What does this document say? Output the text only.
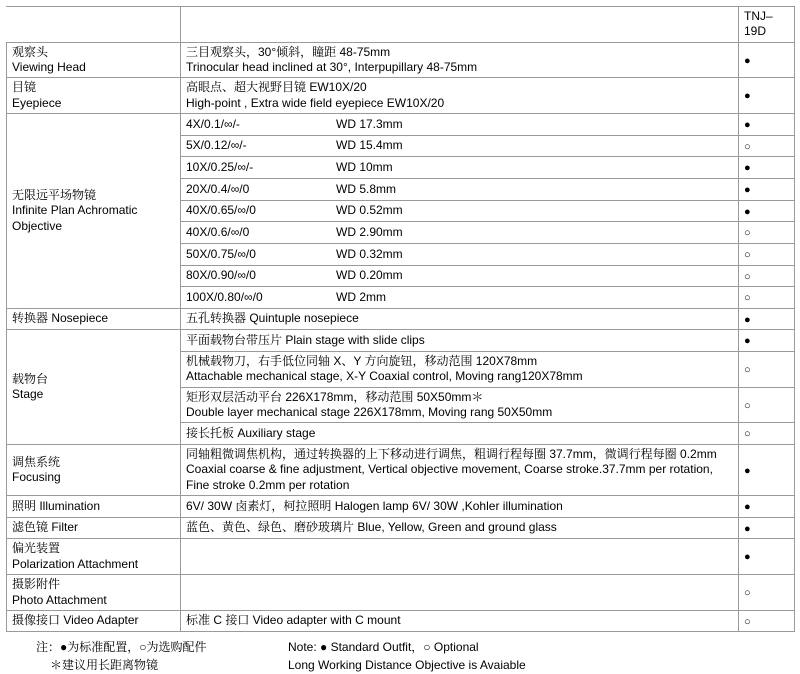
		TNJ–19D

观察头
Viewing Head	三目观察头，30°倾斜，瞳距 48-75mm
Trinocular head inclined at 30°, Interpupillary 48-75mm
	●

目镜
Eyepiece	高眼点、超大视野目镜 EW10X/20
High-point , Extra wide field eyepiece EW10X/20
	●

无限远平场物镜
Infinite Plan Achromatic Objective	4X/0.1/∞/- WD 17.3mm	●
	5X/0.12/∞/- WD 15.4mm	○
	10X/0.25/∞/- WD 10mm	●
	20X/0.4/∞/0 WD 5.8mm	●
	40X/0.65/∞/0 WD 0.52mm	●
	40X/0.6/∞/0 WD 2.90mm	○
	50X/0.75/∞/0 WD 0.32mm	○
	80X/0.90/∞/0 WD 0.20mm	○
	100X/0.80/∞/0 WD 2mm	○
转换器 Nosepiece	五孔转换器 Quintuple nosepiece	●

载物台
Stage	平面载物台带压片 Plain stage with slide clips
	●

	机械载物刀，右手低位同轴 X、Y 方向旋钮，移动范围 120X78mm
Attachable mechanical stage, X-Y Coaxial control, Moving rang120X78mm
	○

	矩形双层活动平台 226X178mm，移动范围 50X50mm＊
Double layer mechanical stage 226X178mm, Moving rang 50X50mm
	○

	接长托板 Auxiliary stage
	○

调焦系统
Focusing	同轴粗微调焦机构，通过转换器的上下移动进行调焦，粗调行程每圈 37.7mm，微调行程每圈 0.2mm
Coaxial coarse & fine adjustment, Vertical objective movement, Coarse stroke.37.7mm per rotation, Fine stroke 0.2mm per rotation
	●
照明 Illumination	6V/ 30W 卤素灯，柯拉照明 Halogen lamp 6V/ 30W ,Kohler illumination	●
滤色镜 Filter	蓝色、黄色、绿色、磨砂玻璃片 Blue, Yellow, Green and ground glass	●

偏光装置
Polarization Attachment
		●

摄影附件
Photo Attachment
		○
摄像接口 Video Adapter	标准 C 接口 Video adapter with C mount	○
注：●为标准配置，○为选购配件
＊建议用长距离物镜
Note: ● Standard Outfit，○ Optional
Long Working Distance Objective is Avaiable
